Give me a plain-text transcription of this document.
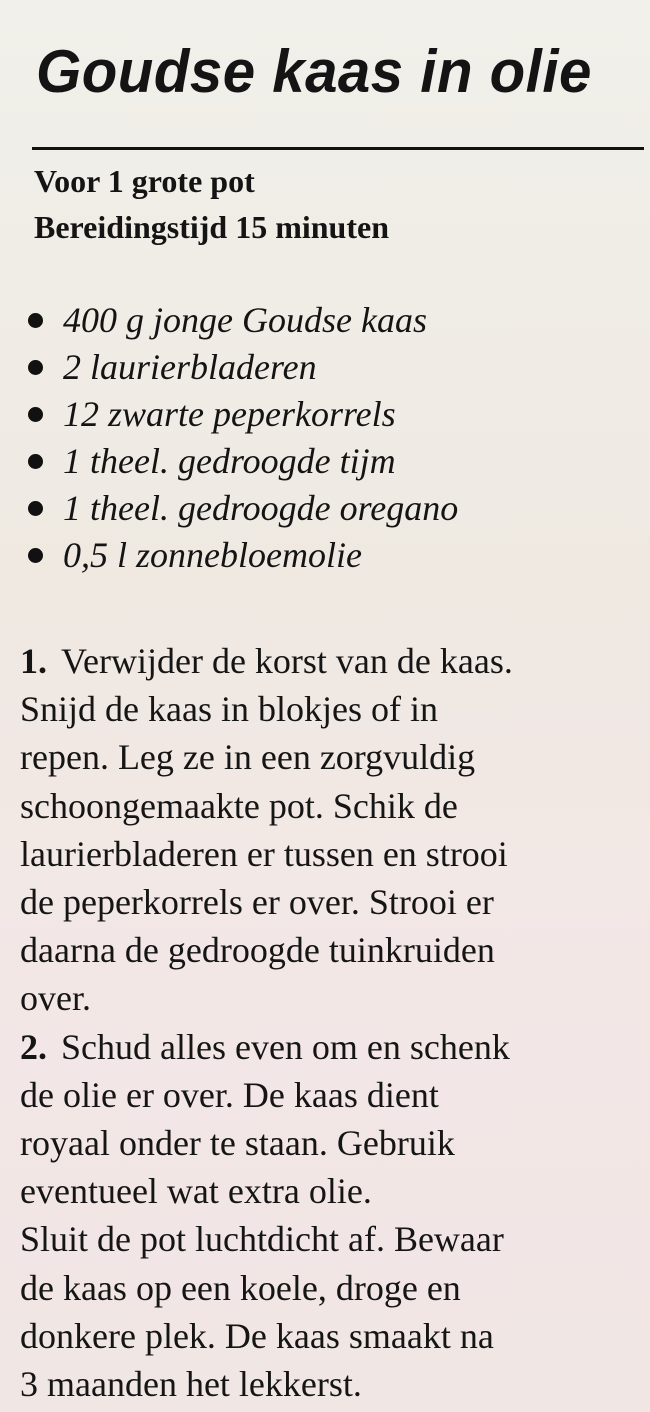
Goudse kaas in olie
Voor 1 grote pot
Bereidingstijd 15 minuten
400 g jonge Goudse kaas
2 laurierbladeren
12 zwarte peperkorrels
1 theel. gedroogde tijm
1 theel. gedroogde oregano
0,5 l zonnebloemolie
1. Verwijder de korst van de kaas.
Snijd de kaas in blokjes of in
repen. Leg ze in een zorgvuldig
schoongemaakte pot. Schik de
laurierbladeren er tussen en strooi
de peperkorrels er over. Strooi er
daarna de gedroogde tuinkruiden
over.
2. Schud alles even om en schenk
de olie er over. De kaas dient
royaal onder te staan. Gebruik
eventueel wat extra olie.
Sluit de pot luchtdicht af. Bewaar
de kaas op een koele, droge en
donkere plek. De kaas smaakt na
3 maanden het lekkerst.
